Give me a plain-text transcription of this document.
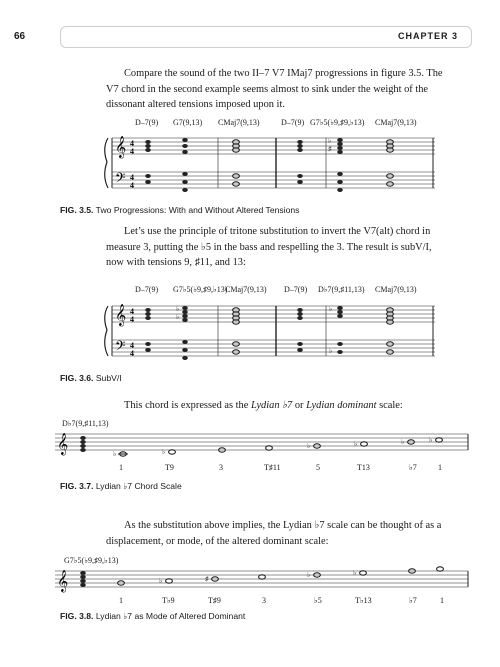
66	CHAPTER 3
Compare the sound of the two II–7 V7 IMaj7 progressions in figure 3.5. The V7 chord in the second example seems almost to sink under the weight of the dissonant altered tensions imposed upon it.
D–7(9) G7(9,13) CMaj7(9,13)	D–7(9) G7♭5(♭9,♯9,♭13) CMaj7(9,13)
𝄞
𝄢
4
4
4
4
♭
♯
FIG. 3.5. Two Progressions: With and Without Altered Tensions
Let’s use the principle of tritone substitution to invert the V7(alt) chord in measure 3, putting the ♭5 in the bass and respelling the 3. The result is subV/I, now with tensions 9, ♯11, and 13:
D–7(9) G7♭5(♭9,♯9,♭13)
CMaj7(9,13) D–7(9) D♭7(9,♯11,13) CMaj7(9,13)
𝄞
𝄢
4
4
4
4
♭
♭
♭
♭
FIG. 3.6. SubV/I
This chord is expressed as the Lydian ♭7 or Lydian dominant scale:
D♭7(9,♯11,13)
𝄞	♭	♭
♭	♭	♭	♭
1	T9	3	T♯11	5	T13	♭7	1
FIG. 3.7. Lydian ♭7 Chord Scale
As the substitution above implies, the Lydian ♭7 scale can be thought of as a displacement, or mode, of the altered dominant scale:
G7♭5(♭9,♯9,♭13)
𝄞	♭	♯	♭	♭
1	T♭9	T♯9	3	♭5	T♭13	♭7	1
FIG. 3.8. Lydian ♭7 as Mode of Altered Dominant
